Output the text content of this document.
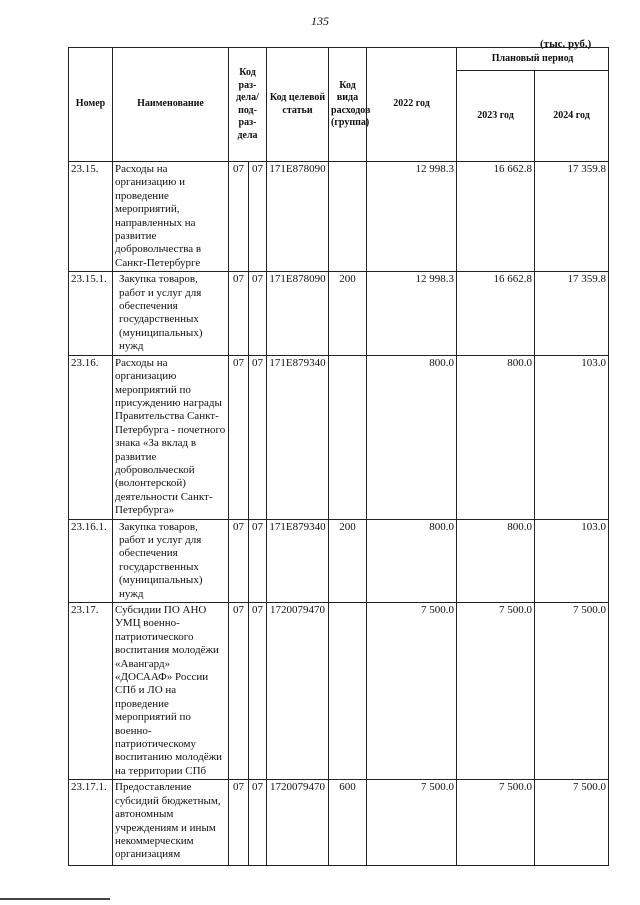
135
(тыс. руб.)
Номер	Наименование	Код раз- дела/ под- раз- дела		Код целевой статьи	Код вида расходов (группа)	2022 год	Плановый период	
							2023 год	2024 год
23.15.	Расходы на организацию и проведение мероприятий, направленных на развитие добровольчества в Санкт-Петербурге	07	07	171E878090		12 998.3	16 662.8	17 359.8
23.15.1.	Закупка товаров, работ и услуг для обеспечения государственных (муниципальных) нужд	07	07	171E878090	200	12 998.3	16 662.8	17 359.8
23.16.	Расходы на организацию мероприятий по присуждению награды Правительства Санкт-Петербурга - почетного знака «За вклад в развитие добровольческой (волонтерской) деятельности Санкт-Петербурга»	07	07	171E879340		800.0	800.0	103.0
23.16.1.	Закупка товаров, работ и услуг для обеспечения государственных (муниципальных) нужд	07	07	171E879340	200	800.0	800.0	103.0
23.17.	Субсидии ПО АНО УМЦ военно-патриотического воспитания молодёжи «Авангард» «ДОСААФ» России СПб и ЛО на проведение мероприятий по военно-патриотическому воспитанию молодёжи на территории СПб	07	07	1720079470		7 500.0	7 500.0	7 500.0
23.17.1.	Предоставление субсидий бюджетным, автономным учреждениям и иным некоммерческим организациям	07	07	1720079470	600	7 500.0	7 500.0	7 500.0
